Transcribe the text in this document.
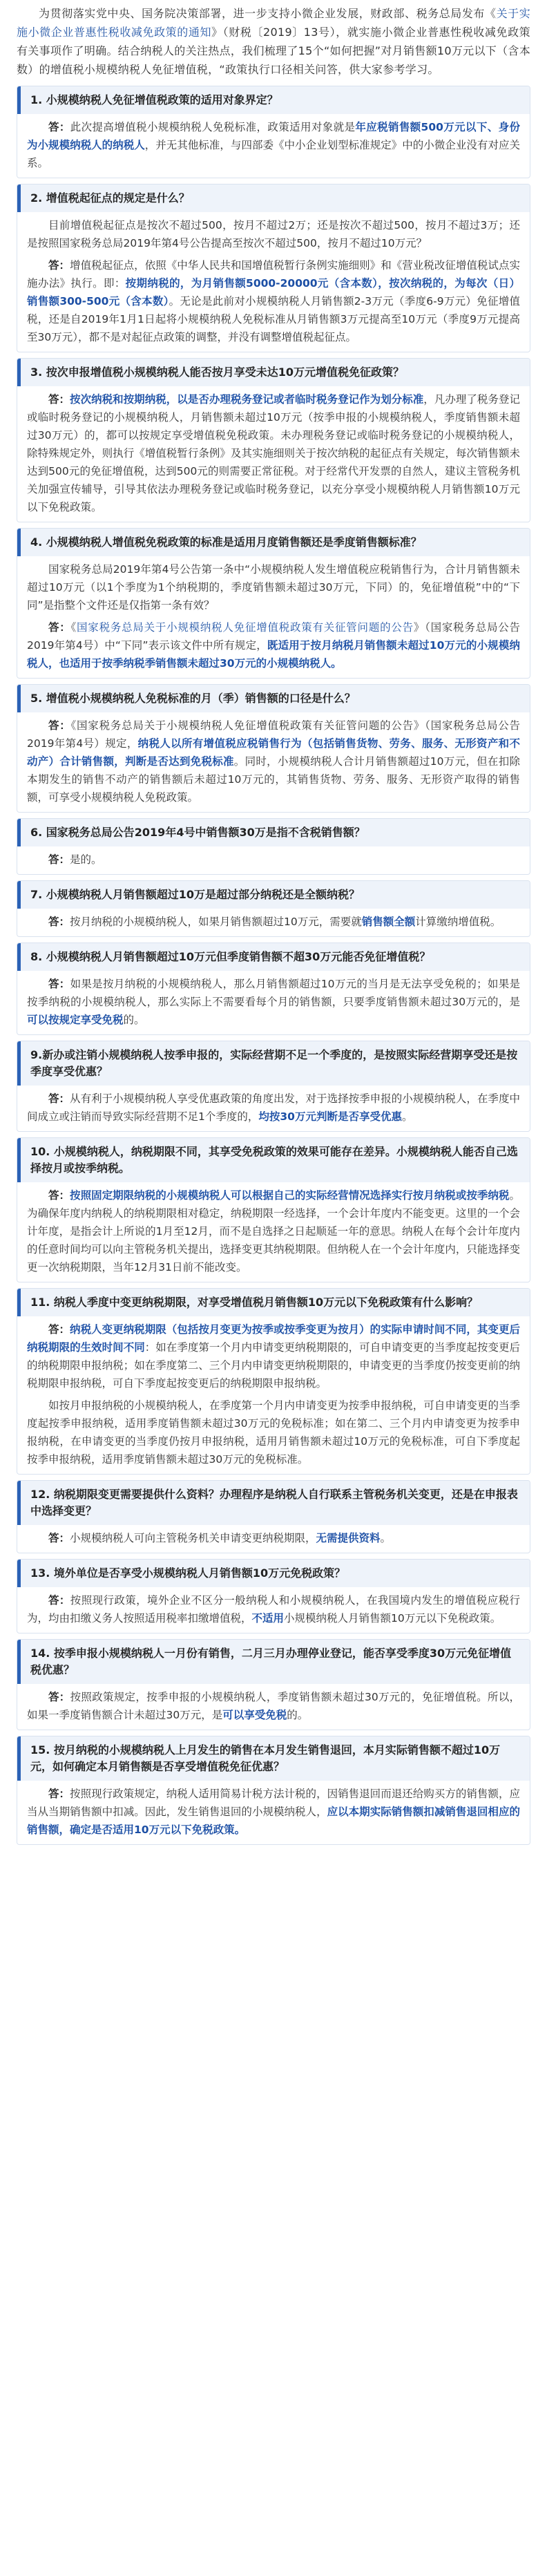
为贯彻落实党中央、国务院决策部署，进一步支持小微企业发展，财政部、税务总局发布《关于实施小微企业普惠性税收减免政策的通知》（财税〔2019〕13号），就实施小微企业普惠性税收减免政策有关事项作了明确。结合纳税人的关注热点，我们梳理了15个“如何把握”对月销售额10万元以下（含本数）的增值税小规模纳税人免征增值税，“政策执行口径相关问答，供大家参考学习。

1. 小规模纳税人免征增值税政策的适用对象界定？

答：此次提高增值税小规模纳税人免税标准，政策适用对象就是年应税销售额500万元以下、身份为小规模纳税人的纳税人，并无其他标准，与四部委《中小企业划型标准规定》中的小微企业没有对应关系。

2. 增值税起征点的规定是什么？

目前增值税起征点是按次不超过500，按月不超过2万；还是按次不超过500，按月不超过3万；还是按照国家税务总局2019年第4号公告提高至按次不超过500，按月不超过10万元？

答：增值税起征点，依照《中华人民共和国增值税暂行条例实施细则》和《营业税改征增值税试点实施办法》执行。即：按期纳税的，为月销售额5000-20000元（含本数），按次纳税的，为每次（日）销售额300-500元（含本数）。无论是此前对小规模纳税人月销售额2-3万元（季度6-9万元）免征增值税，还是自2019年1月1日起将小规模纳税人免税标准从月销售额3万元提高至10万元（季度9万元提高至30万元），都不是对起征点政策的调整，并没有调整增值税起征点。

3. 按次申报增值税小规模纳税人能否按月享受未达10万元增值税免征政策？

答：按次纳税和按期纳税，以是否办理税务登记或者临时税务登记作为划分标准，凡办理了税务登记或临时税务登记的小规模纳税人，月销售额未超过10万元（按季申报的小规模纳税人，季度销售额未超过30万元）的，都可以按规定享受增值税免税政策。未办理税务登记或临时税务登记的小规模纳税人，除特殊规定外，则执行《增值税暂行条例》及其实施细则关于按次纳税的起征点有关规定，每次销售额未达到500元的免征增值税，达到500元的则需要正常征税。对于经常代开发票的自然人，建议主管税务机关加强宣传辅导，引导其依法办理税务登记或临时税务登记，以充分享受小规模纳税人月销售额10万元以下免税政策。

4. 小规模纳税人增值税免税政策的标准是适用月度销售额还是季度销售额标准？

国家税务总局2019年第4号公告第一条中“小规模纳税人发生增值税应税销售行为，合计月销售额未超过10万元（以1个季度为1个纳税期的，季度销售额未超过30万元，下同）的，免征增值税”中的“下同”是指整个文件还是仅指第一条有效？

答：《国家税务总局关于小规模纳税人免征增值税政策有关征管问题的公告》（国家税务总局公告2019年第4号）中“下同”表示该文件中所有规定，既适用于按月纳税月销售额未超过10万元的小规模纳税人，也适用于按季纳税季销售额未超过30万元的小规模纳税人。

5. 增值税小规模纳税人免税标准的月（季）销售额的口径是什么？

答：《国家税务总局关于小规模纳税人免征增值税政策有关征管问题的公告》（国家税务总局公告2019年第4号）规定，纳税人以所有增值税应税销售行为（包括销售货物、劳务、服务、无形资产和不动产）合计销售额，判断是否达到免税标准。同时，小规模纳税人合计月销售额超过10万元，但在扣除本期发生的销售不动产的销售额后未超过10万元的，其销售货物、劳务、服务、无形资产取得的销售额，可享受小规模纳税人免税政策。

6. 国家税务总局公告2019年4号中销售额30万是指不含税销售额？

答：是的。

7. 小规模纳税人月销售额超过10万是超过部分纳税还是全额纳税？

答：按月纳税的小规模纳税人，如果月销售额超过10万元，需要就销售额全额计算缴纳增值税。

8. 小规模纳税人月销售额超过10万元但季度销售额不超30万元能否免征增值税？

答：如果是按月纳税的小规模纳税人，那么月销售额超过10万元的当月是无法享受免税的；如果是按季纳税的小规模纳税人，那么实际上不需要看每个月的销售额，只要季度销售额未超过30万元的，是可以按规定享受免税的。

9.新办或注销小规模纳税人按季申报的，实际经营期不足一个季度的，是按照实际经营期享受还是按季度享受优惠？

答：从有利于小规模纳税人享受优惠政策的角度出发，对于选择按季申报的小规模纳税人，在季度中间成立或注销而导致实际经营期不足1个季度的，均按30万元判断是否享受优惠。

10. 小规模纳税人，纳税期限不同，其享受免税政策的效果可能存在差异。小规模纳税人能否自己选择按月或按季纳税。

答：按照固定期限纳税的小规模纳税人可以根据自己的实际经营情况选择实行按月纳税或按季纳税。为确保年度内纳税人的纳税期限相对稳定，纳税期限一经选择，一个会计年度内不能变更。这里的一个会计年度，是指会计上所说的1月至12月，而不是自选择之日起顺延一年的意思。纳税人在每个会计年度内的任意时间均可以向主管税务机关提出，选择变更其纳税期限。但纳税人在一个会计年度内，只能选择变更一次纳税期限，当年12月31日前不能改变。

11. 纳税人季度中变更纳税期限，对享受增值税月销售额10万元以下免税政策有什么影响？

答：纳税人变更纳税期限（包括按月变更为按季或按季变更为按月）的实际申请时间不同，其变更后纳税期限的生效时间不同：如在季度第一个月内申请变更纳税期限的，可自申请变更的当季度起按变更后的纳税期限申报纳税；如在季度第二、三个月内申请变更纳税期限的，申请变更的当季度仍按变更前的纳税期限申报纳税，可自下季度起按变更后的纳税期限申报纳税。

如按月申报纳税的小规模纳税人，在季度第一个月内申请变更为按季申报纳税，可自申请变更的当季度起按季申报纳税，适用季度销售额未超过30万元的免税标准；如在第二、三个月内申请变更为按季申报纳税，在申请变更的当季度仍按月申报纳税，适用月销售额未超过10万元的免税标准，可自下季度起按季申报纳税，适用季度销售额未超过30万元的免税标准。

12. 纳税期限变更需要提供什么资料？办理程序是纳税人自行联系主管税务机关变更，还是在申报表中选择变更？

答：小规模纳税人可向主管税务机关申请变更纳税期限，无需提供资料。

13. 境外单位是否享受小规模纳税人月销售额10万元免税政策？

答：按照现行政策，境外企业不区分一般纳税人和小规模纳税人，在我国境内发生的增值税应税行为，均由扣缴义务人按照适用税率扣缴增值税，不适用小规模纳税人月销售额10万元以下免税政策。

14. 按季申报小规模纳税人一月份有销售，二月三月办理停业登记，能否享受季度30万元免征增值税优惠？

答：按照政策规定，按季申报的小规模纳税人，季度销售额未超过30万元的，免征增值税。所以，如果一季度销售额合计未超过30万元，是可以享受免税的。

15. 按月纳税的小规模纳税人上月发生的销售在本月发生销售退回，本月实际销售额不超过10万元，如何确定本月销售额是否享受增值税免征优惠？

答：按照现行政策规定，纳税人适用简易计税方法计税的，因销售退回而退还给购买方的销售额，应当从当期销售额中扣减。因此，发生销售退回的小规模纳税人，应以本期实际销售额扣减销售退回相应的销售额，确定是否适用10万元以下免税政策。
